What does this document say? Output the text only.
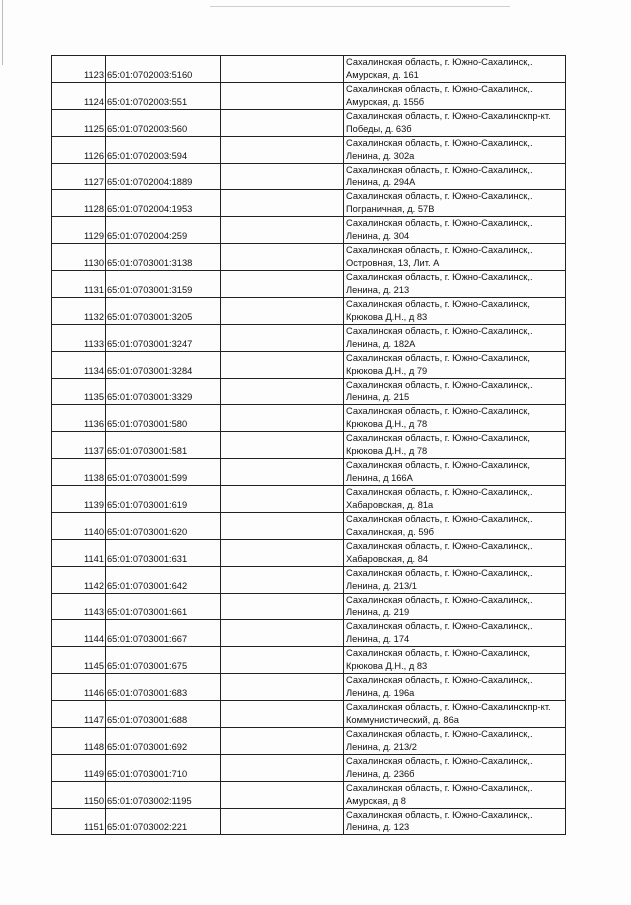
1123	65:01:0702003:5160		Сахалинская область, г. Южно-Сахалинск,.
Амурская, д. 161

1124	65:01:0702003:551		Сахалинская область, г. Южно-Сахалинск,.
Амурская, д. 155б

1125	65:01:0702003:560		Сахалинская область, г. Южно-Сахалинскпр-кт.
Победы, д. 63б

1126	65:01:0702003:594		Сахалинская область, г. Южно-Сахалинск,.
Ленина, д. 302а

1127	65:01:0702004:1889		Сахалинская область, г. Южно-Сахалинск,.
Ленина, д. 294А

1128	65:01:0702004:1953		Сахалинская область, г. Южно-Сахалинск,.
Пограничная, д. 57В

1129	65:01:0702004:259		Сахалинская область, г. Южно-Сахалинск,.
Ленина, д. 304

1130	65:01:0703001:3138		Сахалинская область, г. Южно-Сахалинск,.
Островная, 13, Лит. А

1131	65:01:0703001:3159		Сахалинская область, г. Южно-Сахалинск,.
Ленина, д. 213

1132	65:01:0703001:3205		Сахалинская область, г. Южно-Сахалинск,
Крюкова Д.Н., д 83

1133	65:01:0703001:3247		Сахалинская область, г. Южно-Сахалинск,.
Ленина, д. 182А

1134	65:01:0703001:3284		Сахалинская область, г. Южно-Сахалинск,
Крюкова Д.Н., д 79

1135	65:01:0703001:3329		Сахалинская область, г. Южно-Сахалинск,.
Ленина, д. 215

1136	65:01:0703001:580		Сахалинская область, г. Южно-Сахалинск,
Крюкова Д.Н., д 78

1137	65:01:0703001:581		Сахалинская область, г. Южно-Сахалинск,
Крюкова Д.Н., д 78

1138	65:01:0703001:599		Сахалинская область, г. Южно-Сахалинск,
Ленина, д 166А

1139	65:01:0703001:619		Сахалинская область, г. Южно-Сахалинск,.
Хабаровская, д. 81а

1140	65:01:0703001:620		Сахалинская область, г. Южно-Сахалинск,.
Сахалинская, д. 59б

1141	65:01:0703001:631		Сахалинская область, г. Южно-Сахалинск,.
Хабаровская, д. 84

1142	65:01:0703001:642		Сахалинская область, г. Южно-Сахалинск,.
Ленина, д. 213/1

1143	65:01:0703001:661		Сахалинская область, г. Южно-Сахалинск,.
Ленина, д. 219

1144	65:01:0703001:667		Сахалинская область, г. Южно-Сахалинск,.
Ленина, д. 174

1145	65:01:0703001:675		Сахалинская область, г. Южно-Сахалинск,
Крюкова Д.Н., д 83

1146	65:01:0703001:683		Сахалинская область, г. Южно-Сахалинск,.
Ленина, д. 196а

1147	65:01:0703001:688		Сахалинская область, г. Южно-Сахалинскпр-кт.
Коммунистический, д. 86а

1148	65:01:0703001:692		Сахалинская область, г. Южно-Сахалинск,.
Ленина, д. 213/2

1149	65:01:0703001:710		Сахалинская область, г. Южно-Сахалинск,.
Ленина, д. 236б

1150	65:01:0703002:1195		Сахалинская область, г. Южно-Сахалинск,.
Амурская, д 8

1151	65:01:0703002:221		Сахалинская область, г. Южно-Сахалинск,.
Ленина, д. 123
